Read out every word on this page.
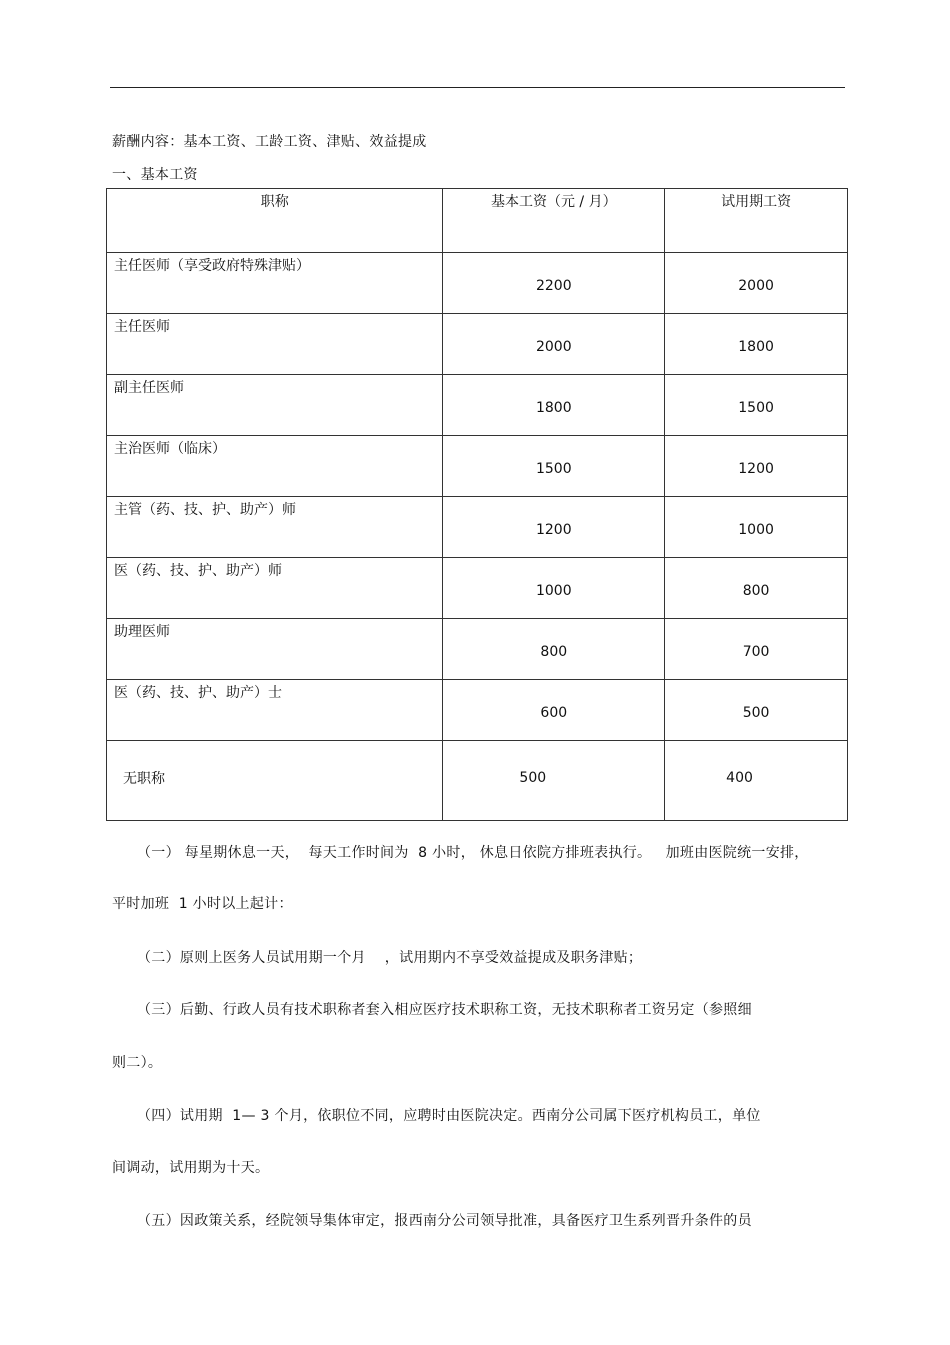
薪酬内容：基本工资、工龄工资、津贴、效益提成
一、基本工资
职称	基本工资（元 / 月）	试用期工资
主任医师（享受政府特殊津贴）	2200	2000
主任医师	2000	1800
副主任医师	1800	1500
主治医师（临床）	1500	1200
主管（药、技、护、助产）师	1200	1000
医（药、技、护、助产）师	1000	800
助理医师	800	700
医（药、技、护、助产）士	600	500
无职称	500	400
（一） 每星期休息一天，  每天工作时间为  8 小时， 休息日依院方排班表执行。   加班由医院统一安排，
平时加班  1 小时以上起计：
（二）原则上医务人员试用期一个月    ，试用期内不享受效益提成及职务津贴；
（三）后勤、行政人员有技术职称者套入相应医疗技术职称工资，无技术职称者工资另定（参照细
则二）。
（四）试用期  1— 3 个月，依职位不同，应聘时由医院决定。西南分公司属下医疗机构员工，单位
间调动，试用期为十天。
（五）因政策关系，经院领导集体审定，报西南分公司领导批准，具备医疗卫生系列晋升条件的员
